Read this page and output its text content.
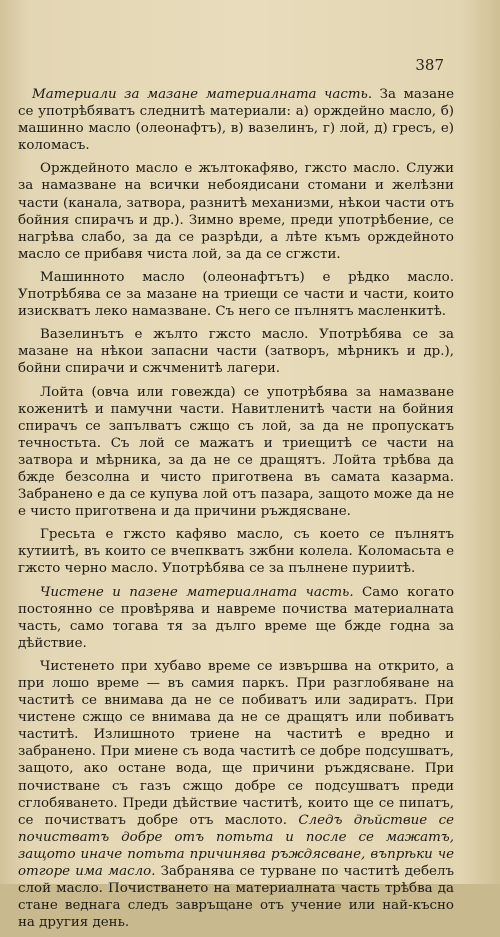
387

Материали за мазане материалната часть. За мазане се употрѣбяватъ следнитѣ материали: а) орждейно масло, б) машинно масло (олеонафтъ), в) вазелинъ, г) лой, д) гресъ, е) коломасъ.

Орждейното масло е жълтокафяво, гжсто масло. Служи за намазване на всички небоядисани стомани и желѣзни части (канала, затвора, разнитѣ механизми, нѣкои части отъ бойния спирачъ и др.). Зимно време, преди употрѣбение, се нагрѣва слабо, за да се разрѣди, а лѣте къмъ орждейното масло се прибавя чиста лой, за да се сгжсти.

Машинното масло (олеонафтътъ) е рѣдко масло. Употрѣбява се за мазане на триещи се части и части, които изискватъ леко намазване. Съ него се пълнятъ масленкитѣ.

Вазелинътъ е жълто гжсто масло. Употрѣбява се за мазане на нѣкои запасни части (затворъ, мѣрникъ и др.), бойни спирачи и сжчменитѣ лагери.

Лойта (овча или говежда) се употрѣбява за намазване коженитѣ и памучни части. Навитленитѣ части на бойния спирачъ се запълватъ сжщо съ лой, за да не пропускатъ течностьта. Съ лой се мажатъ и триещитѣ се части на затвора и мѣрника, за да не се дращятъ. Лойта трѣбва да бжде безсолна и чисто приготвена въ самата казарма. Забранено е да се купува лой отъ пазара, защото може да не е чисто приготвена и да причини ръждясване.

Гресьта е гжсто кафяво масло, съ което се пълнятъ кутиитѣ, въ които се вчепкватъ зжбни колела. Коломасьта е гжсто черно масло. Употрѣбява се за пълнене пуриитѣ.

Чистене и пазене материалната часть. Само когато постоянно се провѣрява и навреме почиства материалната часть, само тогава тя за дълго време ще бжде годна за дѣйствие.

Чистенето при хубаво време се извършва на открито, а при лошо време — въ самия паркъ. При разглобяване на частитѣ се внимава да не се побиватъ или задиратъ. При чистене сжщо се внимава да не се дращятъ или побиватъ частитѣ. Излишното триене на частитѣ е вредно и забранено. При миене съ вода частитѣ се добре подсушватъ, защото, ако остане вода, ще причини ръждясване. При почистване съ газъ сжщо добре се подсушватъ преди сглобяването. Преди дѣйствие частитѣ, които ще се пипатъ, се почистватъ добре отъ маслото. Следъ дѣйствие се почистватъ добре отъ потьта и после се мажатъ, защото иначе потьта причинява ръждясване, въпрѣки че отгоре има масло. Забранява се турване по частитѣ дебелъ слой масло. Почистването на материалната часть трѣбва да стане веднага следъ завръщане отъ учение или най-късно на другия день.
